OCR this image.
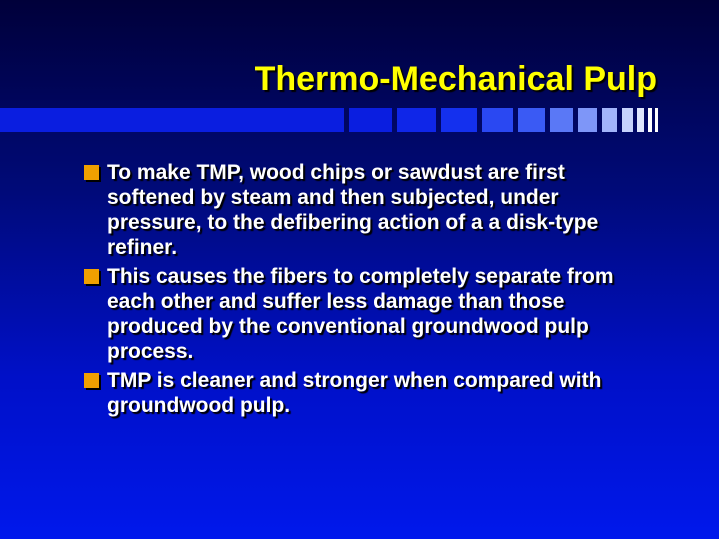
Thermo-Mechanical Pulp
To make TMP, wood chips or sawdust are first softened by steam and then subjected, under pressure, to the defibering action of a a disk-type refiner.
This causes the fibers to completely separate from each other and suffer less damage than those produced by the conventional groundwood pulp process.
TMP is cleaner and stronger when compared with groundwood pulp.
